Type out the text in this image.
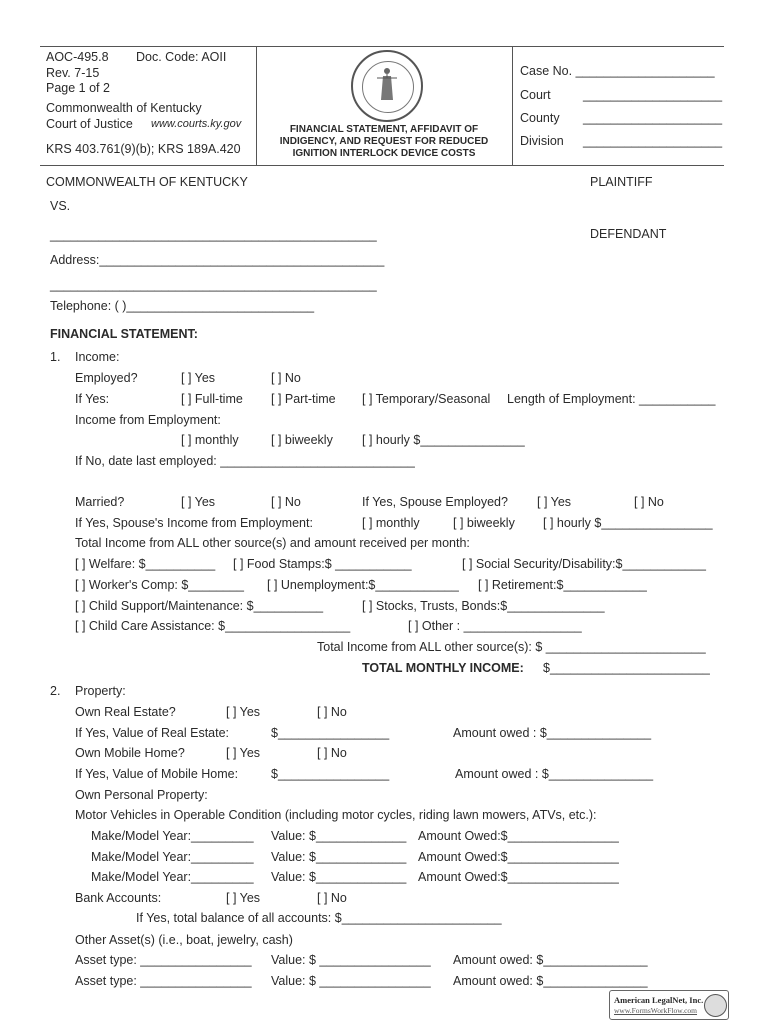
AOC-495.8 Doc. Code: AOII
Rev. 7-15
Page 1 of 2
Commonwealth of Kentucky
Court of Justice www.courts.ky.gov
KRS 403.761(9)(b); KRS 189A.420
FINANCIAL STATEMENT, AFFIDAVIT OF INDIGENCY, AND REQUEST FOR REDUCED IGNITION INTERLOCK DEVICE COSTS
Case No. ____________________
Court	____________________
County ____________________
Division ____________________
COMMONWEALTH OF KENTUCKY	PLAINTIFF
VS.
_______________________________________________	DEFENDANT
Address:_________________________________________
_______________________________________________
Telephone: ( )___________________________
FINANCIAL STATEMENT:
1. Income:
Employed?	[ ] Yes	[ ] No
If Yes:	[ ] Full-time [ ] Part-time [ ] Temporary/Seasonal Length of Employment: ___________
Income from Employment:
[ ] monthly	[ ] biweekly [ ] hourly $_______________
If No, date last employed: ____________________________
Married?	[ ] Yes	[ ] No	If Yes, Spouse Employed? [ ] Yes	[ ] No
If Yes, Spouse's Income from Employment:	[ ] monthly	[ ] biweekly [ ] hourly $________________
Total Income from ALL other source(s) and amount received per month:
[ ] Welfare: $__________ [ ] Food Stamps:$ ___________	[ ] Social Security/Disability:$____________
[ ] Worker's Comp: $________ [ ] Unemployment:$____________ [ ] Retirement:$____________
[ ] Child Support/Maintenance: $__________	[ ] Stocks, Trusts, Bonds:$______________
[ ] Child Care Assistance: $__________________	[ ] Other : _________________
Total Income from ALL other source(s): $ _______________________
TOTAL MONTHLY INCOME: $_______________________
2. Property:
Own Real Estate?	[ ] Yes	[ ] No
If Yes, Value of Real Estate:	$________________	Amount owed : $_______________
Own Mobile Home?	[ ] Yes	[ ] No
If Yes, Value of Mobile Home:	$________________	Amount owed : $_______________
Own Personal Property:
Motor Vehicles in Operable Condition (including motor cycles, riding lawn mowers, ATVs, etc.):
Make/Model Year:_________ Value: $_____________ Amount Owed:$________________
Make/Model Year:_________ Value: $_____________ Amount Owed:$________________
Make/Model Year:_________ Value: $_____________ Amount Owed:$________________
Bank Accounts:	[ ] Yes	[ ] No
If Yes, total balance of all accounts: $_______________________
Other Asset(s) (i.e., boat, jewelry, cash)
Asset type: ________________ Value: $ ________________ Amount owed: $_______________
Asset type: ________________ Value: $ ________________ Amount owed: $_______________
American LegalNet, Inc.
www.FormsWorkFlow.com
